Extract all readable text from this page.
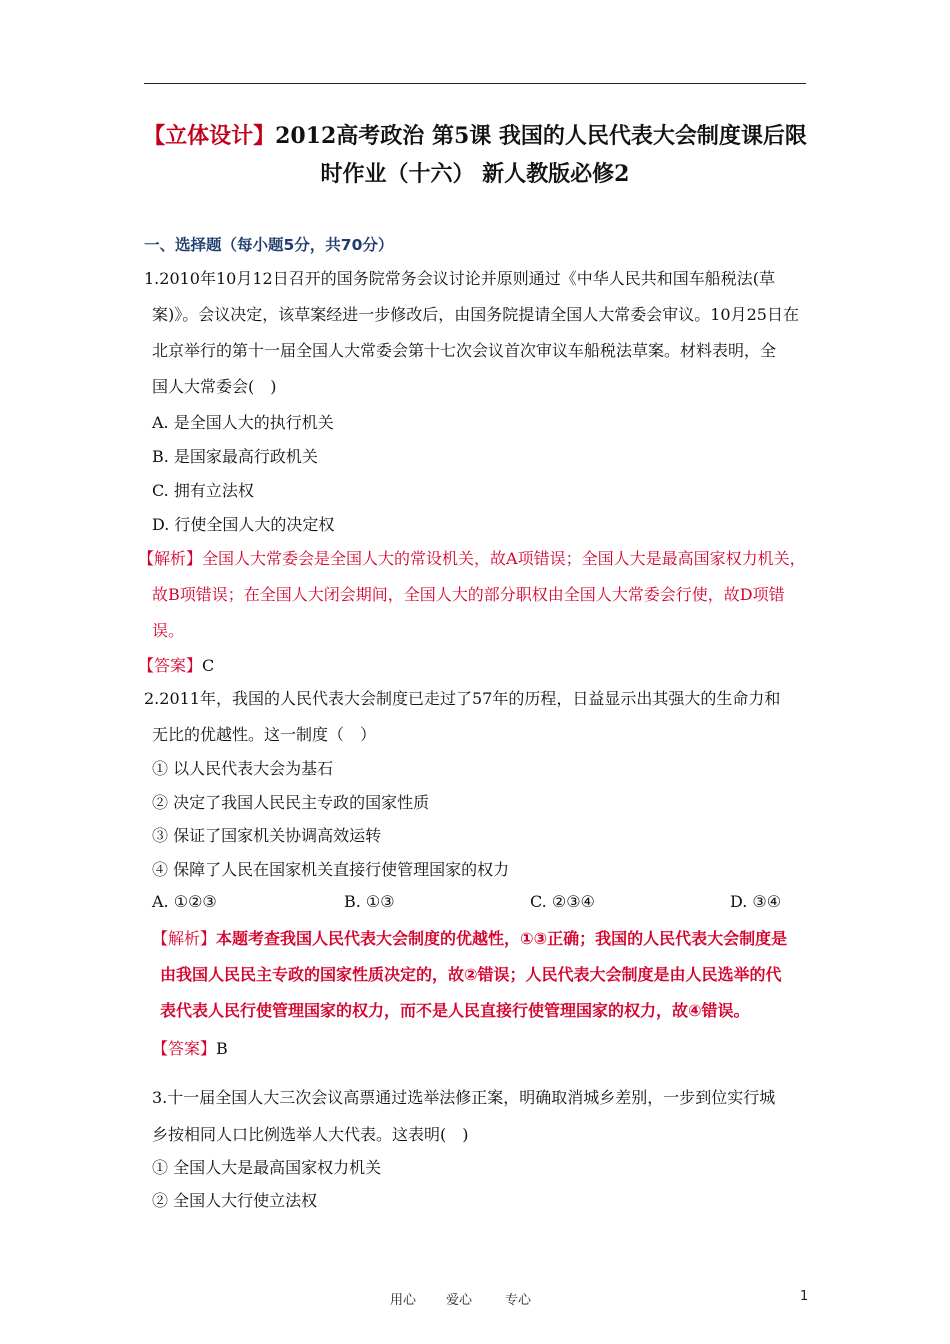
【立体设计】2012高考政治 第5课 我国的人民代表大会制度课后限
时作业（十六） 新人教版必修2
一、选择题（每小题5分，共70分）
1.2010年10月12日召开的国务院常务会议讨论并原则通过《中华人民共和国车船税法(草
案)》。会议决定，该草案经进一步修改后，由国务院提请全国人大常委会审议。10月25日在
北京举行的第十一届全国人大常委会第十七次会议首次审议车船税法草案。材料表明，全
国人大常委会(　)
A. 是全国人大的执行机关
B. 是国家最高行政机关
C. 拥有立法权
D. 行使全国人大的决定权
【解析】全国人大常委会是全国人大的常设机关，故A项错误；全国人大是最高国家权力机关，
故B项错误；在全国人大闭会期间，全国人大的部分职权由全国人大常委会行使，故D项错
误。
【答案】C
2.2011年，我国的人民代表大会制度已走过了57年的历程，日益显示出其强大的生命力和
无比的优越性。这一制度（　）
① 以人民代表大会为基石
② 决定了我国人民民主专政的国家性质
③ 保证了国家机关协调高效运转
④ 保障了人民在国家机关直接行使管理国家的权力
A. ①②③	B. ①③	C. ②③④	D. ③④
【解析】本题考查我国人民代表大会制度的优越性，①③正确；我国的人民代表大会制度是
由我国人民民主专政的国家性质决定的，故②错误；人民代表大会制度是由人民选举的代
表代表人民行使管理国家的权力，而不是人民直接行使管理国家的权力，故④错误。
【答案】B
3.十一届全国人大三次会议高票通过选举法修正案，明确取消城乡差别，一步到位实行城
乡按相同人口比例选举人大代表。这表明(　)
① 全国人大是最高国家权力机关
② 全国人大行使立法权
用心 爱心	专心	1
